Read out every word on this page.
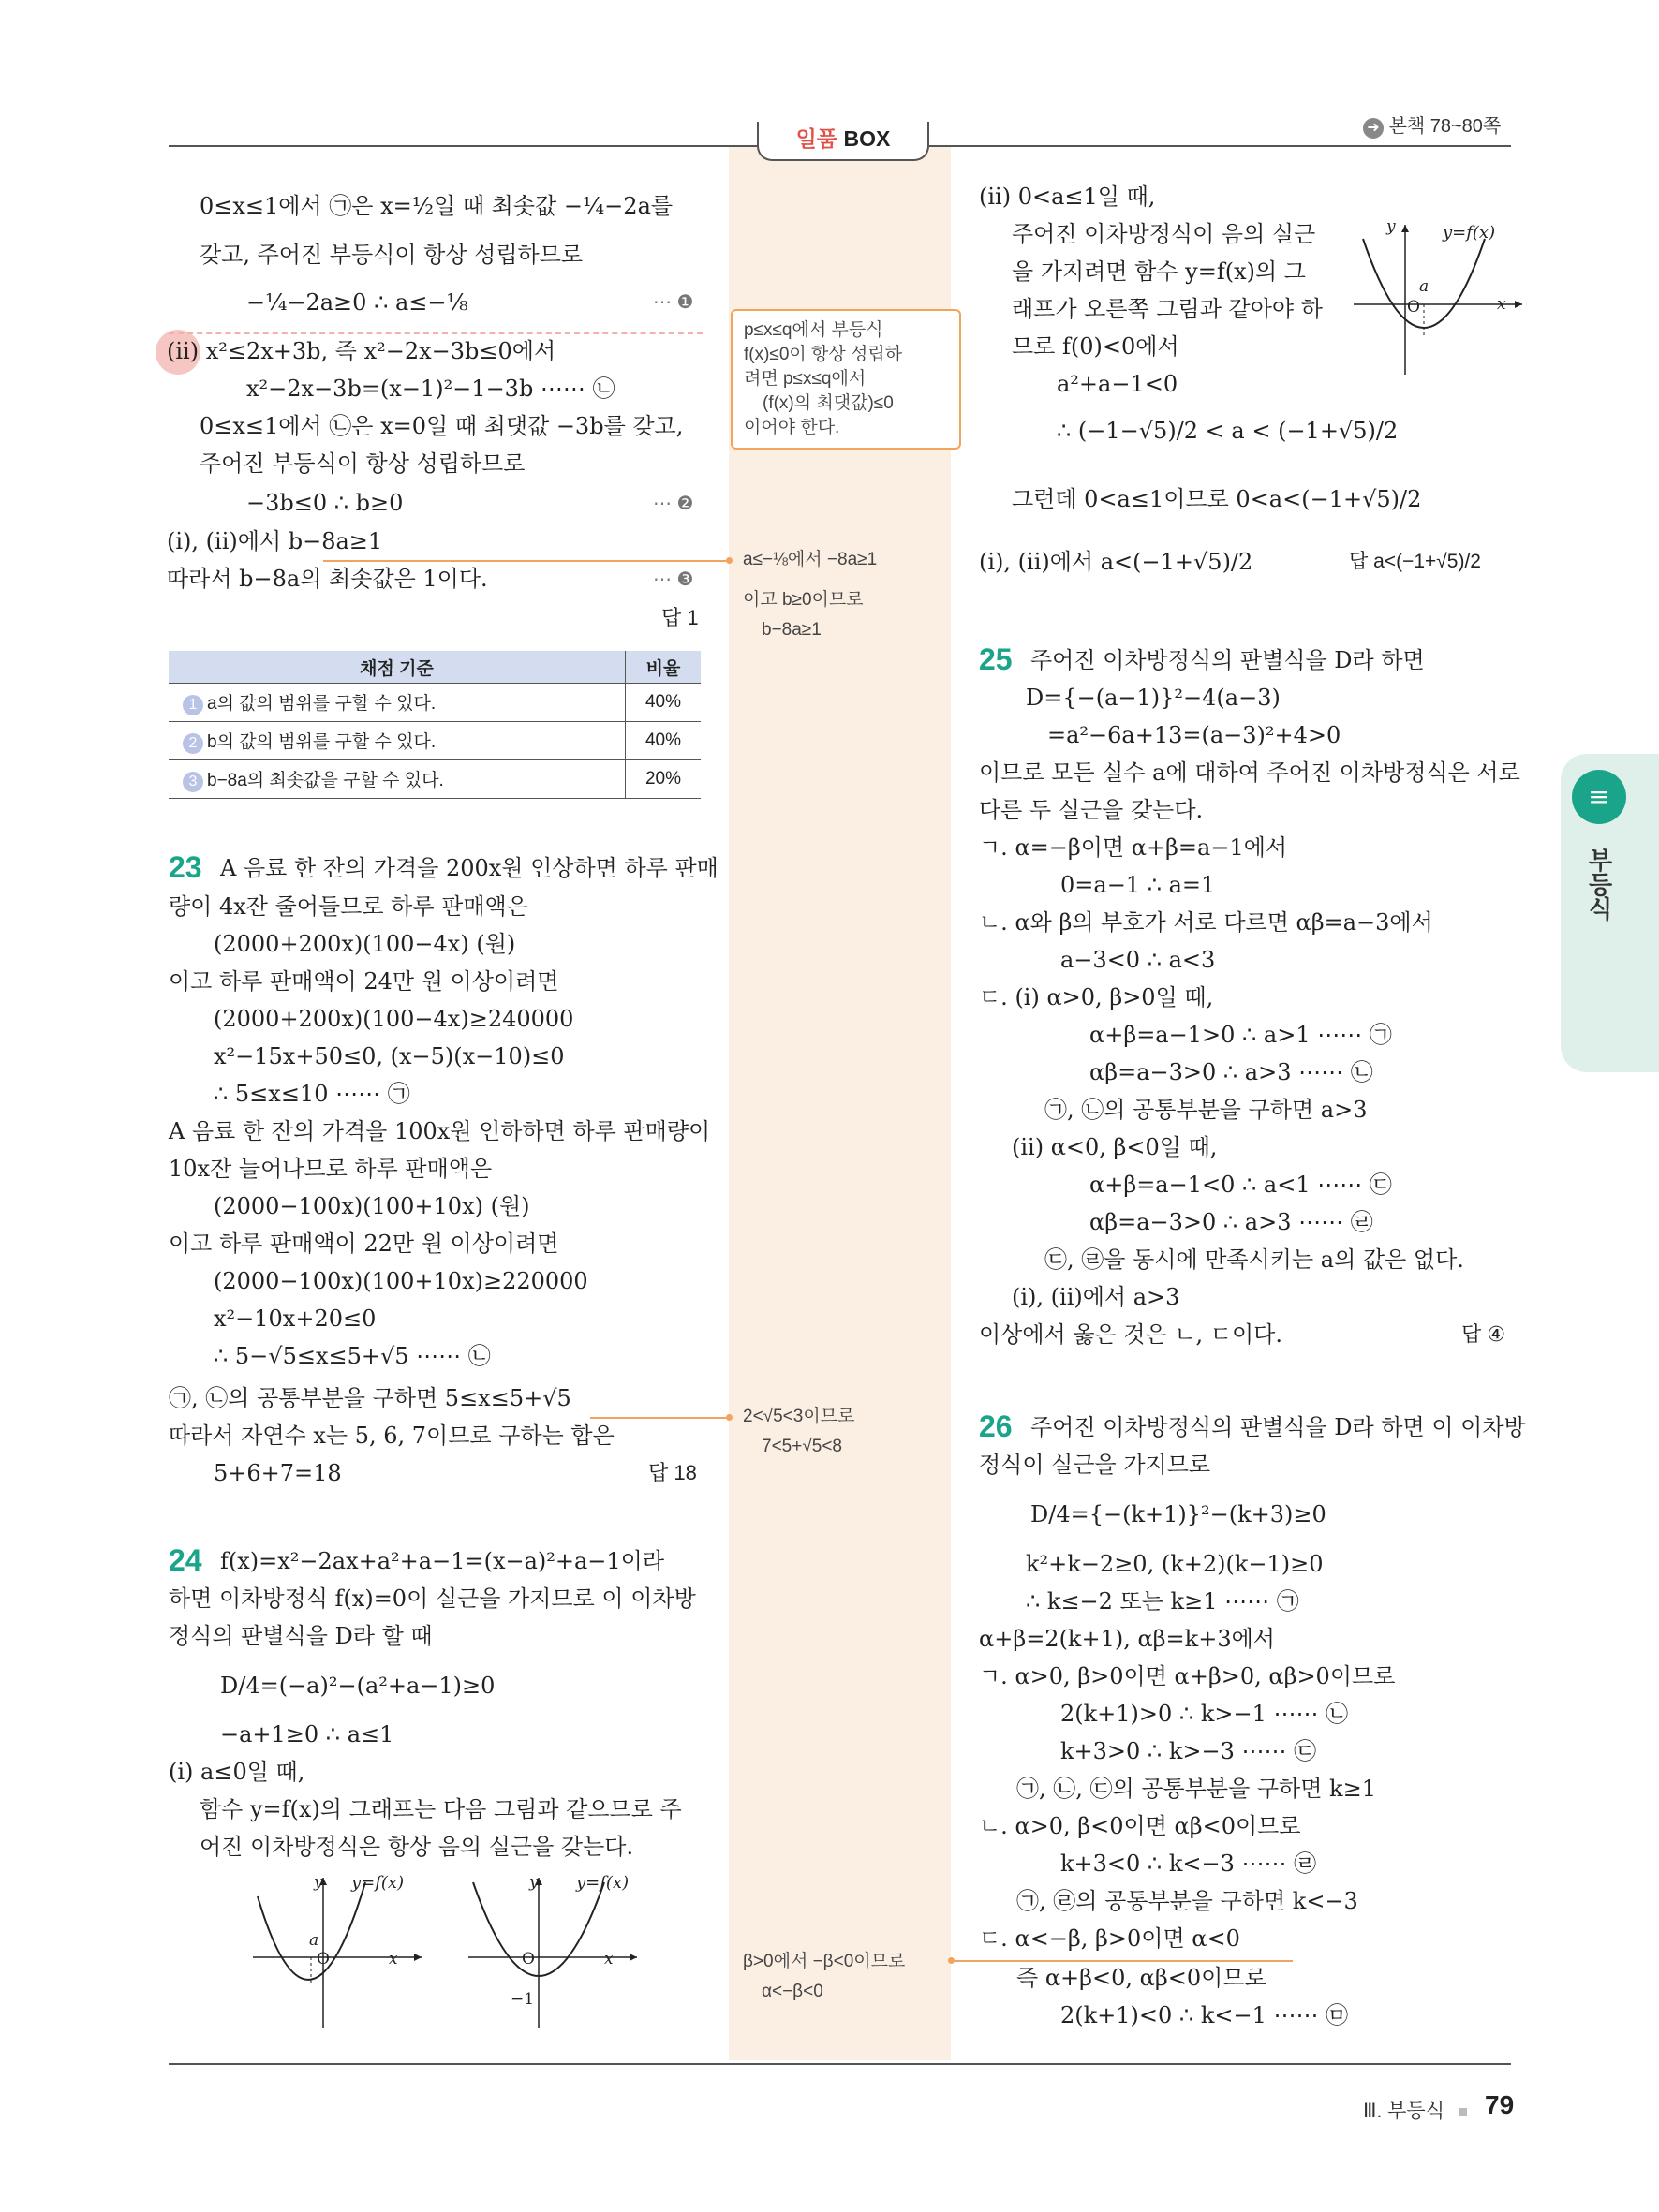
일품 BOX	➜ 본책 78~80쪽
≡
부등식
0≤x≤1에서 ㉠은 x=½일 때 최솟값 −¼−2a를
갖고, 주어진 부등식이 항상 성립하므로
−¼−2a≥0 ∴ a≤−⅛	⋯ ❶
(ii) x²≤2x+3b, 즉 x²−2x−3b≤0에서
x²−2x−3b=(x−1)²−1−3b ⋯⋯ ㉡
0≤x≤1에서 ㉡은 x=0일 때 최댓값 −3b를 갖고,
주어진 부등식이 항상 성립하므로
−3b≤0 ∴ b≥0	⋯ ❷
(i), (ii)에서 b−8a≥1
따라서 b−8a의 최솟값은 1이다.	⋯ ❸
답 1
채점 기준	비율
1 a의 값의 범위를 구할 수 있다.	40%
2 b의 값의 범위를 구할 수 있다.	40%
3 b−8a의 최솟값을 구할 수 있다.	20%
23 A 음료 한 잔의 가격을 200x원 인상하면 하루 판매
량이 4x잔 줄어들므로 하루 판매액은
(2000+200x)(100−4x) (원)
이고 하루 판매액이 24만 원 이상이려면
(2000+200x)(100−4x)≥240000
x²−15x+50≤0, (x−5)(x−10)≤0
∴ 5≤x≤10 ⋯⋯ ㉠
A 음료 한 잔의 가격을 100x원 인하하면 하루 판매량이
10x잔 늘어나므로 하루 판매액은
(2000−100x)(100+10x) (원)
이고 하루 판매액이 22만 원 이상이려면
(2000−100x)(100+10x)≥220000
x²−10x+20≤0
∴ 5−√5≤x≤5+√5 ⋯⋯ ㉡
㉠, ㉡의 공통부분을 구하면 5≤x≤5+√5
따라서 자연수 x는 5, 6, 7이므로 구하는 합은
5+6+7=18	답 18
24 f(x)=x²−2ax+a²+a−1=(x−a)²+a−1이라
하면 이차방정식 f(x)=0이 실근을 가지므로 이 이차방
정식의 판별식을 D라 할 때
D/4=(−a)²−(a²+a−1)≥0
−a+1≥0 ∴ a≤1
(i) a≤0일 때,
함수 y=f(x)의 그래프는 다음 그림과 같으므로 주
어진 이차방정식은 항상 음의 실근을 갖는다.
y y=f(x)
x
a
O
y y=f(x)
x
O
−1
p≤x≤q에서 부등식
f(x)≤0이 항상 성립하
려면 p≤x≤q에서
(f(x)의 최댓값)≤0
이어야 한다.
a≤−⅛에서 −8a≥1
이고 b≥0이므로
b−8a≥1
2<√5<3이므로
7<5+√5<8
β>0에서 −β<0이므로
α<−β<0
(ii) 0<a≤1일 때,
주어진 이차방정식이 음의 실근
을 가지려면 함수 y=f(x)의 그
래프가 오른쪽 그림과 같아야 하
므로 f(0)<0에서
a²+a−1<0
∴ (−1−√5)/2 < a < (−1+√5)/2
그런데 0<a≤1이므로 0<a<(−1+√5)/2
(i), (ii)에서 a<(−1+√5)/2	답 a<(−1+√5)/2
y	y=f(x)
x
a
O
25 주어진 이차방정식의 판별식을 D라 하면
D={−(a−1)}²−4(a−3)
=a²−6a+13=(a−3)²+4>0
이므로 모든 실수 a에 대하여 주어진 이차방정식은 서로
다른 두 실근을 갖는다.
ㄱ. α=−β이면 α+β=a−1에서
0=a−1 ∴ a=1
ㄴ. α와 β의 부호가 서로 다르면 αβ=a−3에서
a−3<0 ∴ a<3
ㄷ. (i) α>0, β>0일 때,
α+β=a−1>0 ∴ a>1 ⋯⋯ ㉠
αβ=a−3>0 ∴ a>3 ⋯⋯ ㉡
㉠, ㉡의 공통부분을 구하면 a>3
(ii) α<0, β<0일 때,
α+β=a−1<0 ∴ a<1 ⋯⋯ ㉢
αβ=a−3>0 ∴ a>3 ⋯⋯ ㉣
㉢, ㉣을 동시에 만족시키는 a의 값은 없다.
(i), (ii)에서 a>3
이상에서 옳은 것은 ㄴ, ㄷ이다.	답 ④
26 주어진 이차방정식의 판별식을 D라 하면 이 이차방
정식이 실근을 가지므로
D/4={−(k+1)}²−(k+3)≥0
k²+k−2≥0, (k+2)(k−1)≥0
∴ k≤−2 또는 k≥1 ⋯⋯ ㉠
α+β=2(k+1), αβ=k+3에서
ㄱ. α>0, β>0이면 α+β>0, αβ>0이므로
2(k+1)>0 ∴ k>−1 ⋯⋯ ㉡
k+3>0 ∴ k>−3 ⋯⋯ ㉢
㉠, ㉡, ㉢의 공통부분을 구하면 k≥1
ㄴ. α>0, β<0이면 αβ<0이므로
k+3<0 ∴ k<−3 ⋯⋯ ㉣
㉠, ㉣의 공통부분을 구하면 k<−3
ㄷ. α<−β, β>0이면 α<0
즉 α+β<0, αβ<0이므로
2(k+1)<0 ∴ k<−1 ⋯⋯ ㉤
Ⅲ. 부등식	79
